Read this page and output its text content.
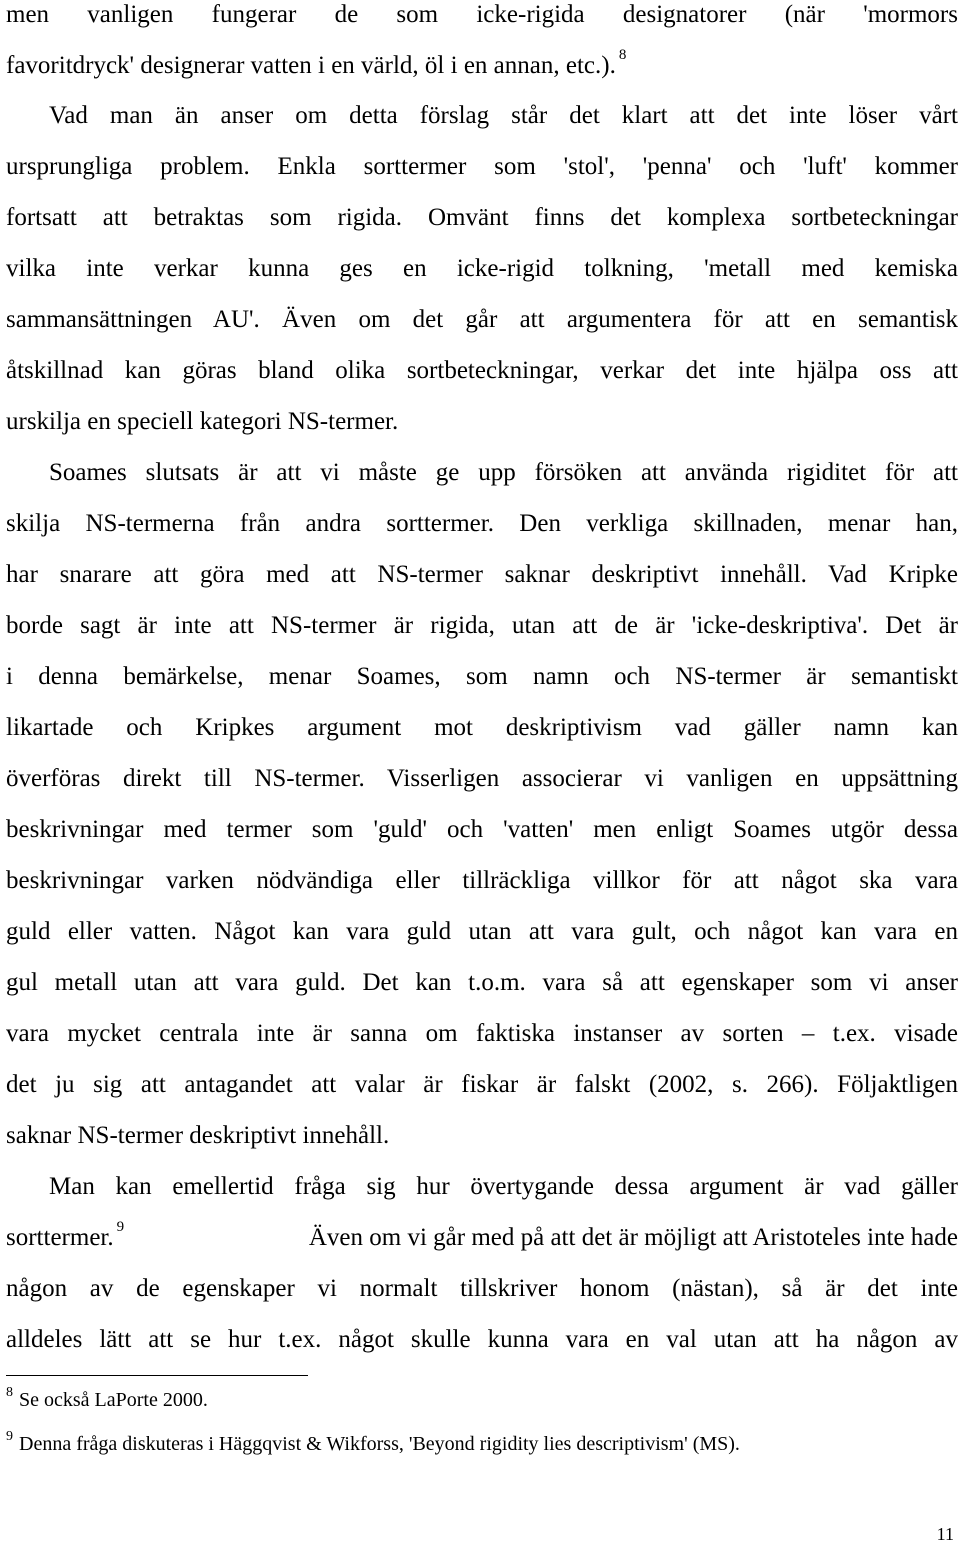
men vanligen fungerar de som icke-rigida designatorer (när 'mormors
favoritdryck' designerar vatten i en värld, öl i en annan, etc.). $^8$
Vad man än anser om detta förslag står det klart att det inte löser vårt
ursprungliga problem. Enkla sorttermer som 'stol', 'penna' och 'luft' kommer
fortsatt att betraktas som rigida. Omvänt finns det komplexa sortbeteckningar
vilka inte verkar kunna ges en icke-rigid tolkning, 'metall med kemiska
sammansättningen AU'. Även om det går att argumentera för att en semantisk
åtskillnad kan göras bland olika sortbeteckningar, verkar det inte hjälpa oss att
urskilja en speciell kategori NS-termer.
Soames slutsats är att vi måste ge upp försöken att använda rigiditet för att
skilja NS-termerna från andra sorttermer. Den verkliga skillnaden, menar han,
har snarare att göra med att NS-termer saknar deskriptivt innehåll. Vad Kripke
borde sagt är inte att NS-termer är rigida, utan att de är 'icke-deskriptiva'. Det är
i denna bemärkelse, menar Soames, som namn och NS-termer är semantiskt
likartade och Kripkes argument mot deskriptivism vad gäller namn kan
överföras direkt till NS-termer. Visserligen associerar vi vanligen en uppsättning
beskrivningar med termer som 'guld' och 'vatten' men enligt Soames utgör dessa
beskrivningar varken nödvändiga eller tillräckliga villkor för att något ska vara
guld eller vatten. Något kan vara guld utan att vara gult, och något kan vara en
gul metall utan att vara guld. Det kan t.o.m. vara så att egenskaper som vi anser
vara mycket centrala inte är sanna om faktiska instanser av sorten – t.ex. visade
det ju sig att antagandet att valar är fiskar är falskt (2002, s. 266). Följaktligen
saknar NS-termer deskriptivt innehåll.
Man kan emellertid fråga sig hur övertygande dessa argument är vad gäller
sorttermer. $^9$	Även om vi går med på att det är möjligt att Aristoteles inte hade
någon av de egenskaper vi normalt tillskriver honom (nästan), så är det inte
alldeles lätt att se hur t.ex. något skulle kunna vara en val utan att ha någon av
$^8$ Se också LaPorte 2000.
$^9$ Denna fråga diskuteras i Häggqvist & Wikforss, 'Beyond rigidity lies descriptivism' (MS).
11
